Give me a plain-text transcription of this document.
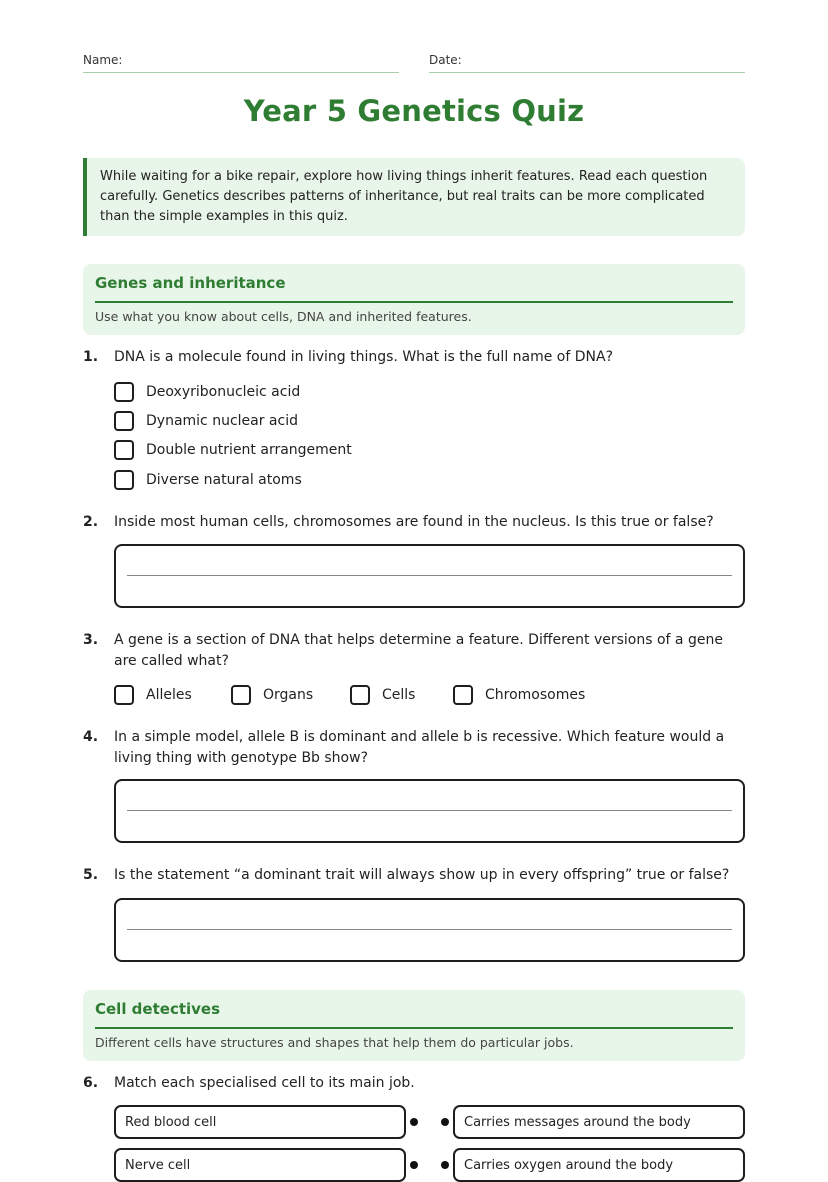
Name:	Date:
Year 5 Genetics Quiz
While waiting for a bike repair, explore how living things inherit features. Read each question carefully. Genetics describes patterns of inheritance, but real traits can be more complicated than the simple examples in this quiz.
Genes and inheritance
Use what you know about cells, DNA and inherited features.
1. DNA is a molecule found in living things. What is the full name of DNA?
Deoxyribonucleic acid
Dynamic nuclear acid
Double nutrient arrangement
Diverse natural atoms
2. Inside most human cells, chromosomes are found in the nucleus. Is this true or false?
3. A gene is a section of DNA that helps determine a feature. Different versions of a gene are called what?
Alleles	Organs	Cells	Chromosomes
4. In a simple model, allele B is dominant and allele b is recessive. Which feature would a living thing with genotype Bb show?
5. Is the statement “a dominant trait will always show up in every offspring” true or false?
Cell detectives
Different cells have structures and shapes that help them do particular jobs.
6. Match each specialised cell to its main job.
Red blood cell	Carries messages around the body
Nerve cell	Carries oxygen around the body
